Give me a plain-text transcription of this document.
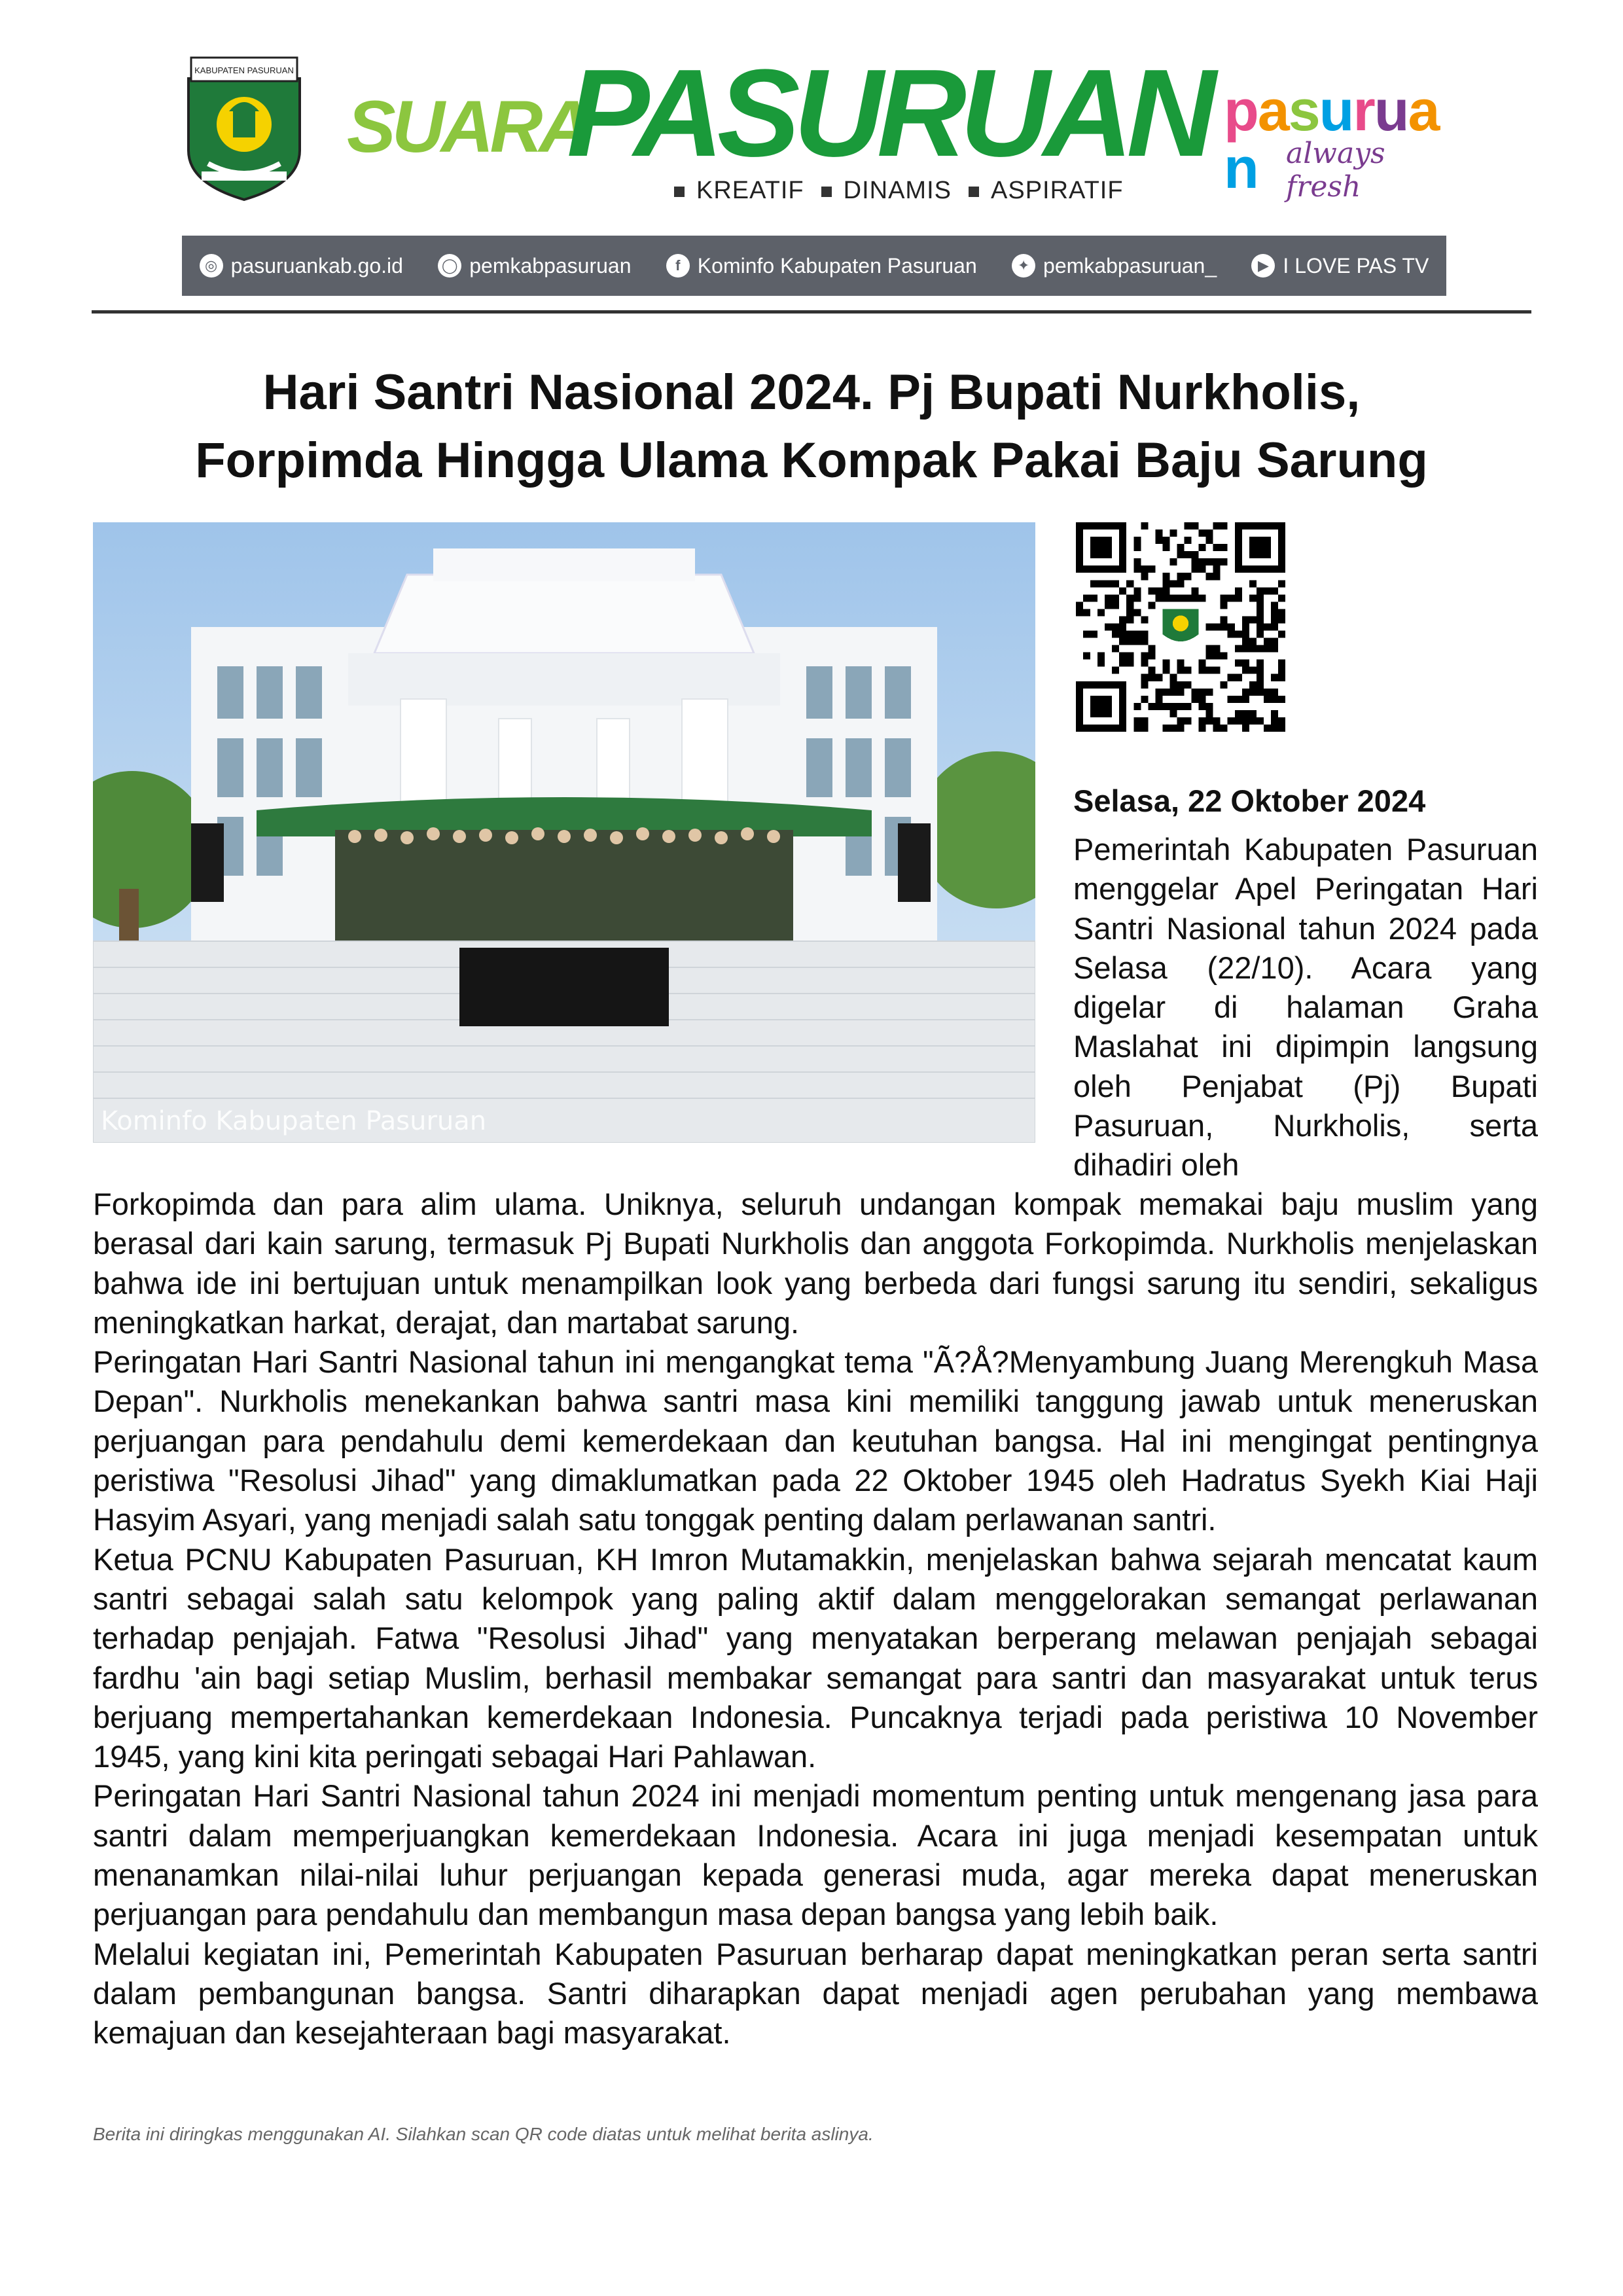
KABUPATEN PASURUAN
SUARA
PASURUAN
KREATIF	DINAMIS	ASPIRATIF
pasuruan always fresh
◎ pasuruankab.go.id	◯ pemkabpasuruan	f Kominfo Kabupaten Pasuruan	✦ pemkabpasuruan_	▶ I LOVE PAS TV
Hari Santri Nasional 2024. Pj Bupati Nurkholis,
Forpimda Hingga Ulama Kompak Pakai Baju Sarung
Kominfo Kabupaten Pasuruan
Selasa, 22 Oktober 2024

Pemerintah Kabupaten Pasuruan menggelar Apel Peringatan Hari Santri Nasional tahun 2024 pada Selasa (22/10). Acara yang digelar di halaman Graha Maslahat ini dipimpin langsung oleh Penjabat (Pj) Bupati Pasuruan, Nurkholis, serta dihadiri oleh

Forkopimda dan para alim ulama. Uniknya, seluruh undangan kompak memakai baju muslim yang berasal dari kain sarung, termasuk Pj Bupati Nurkholis dan anggota Forkopimda. Nurkholis menjelaskan bahwa ide ini bertujuan untuk menampilkan look yang berbeda dari fungsi sarung itu sendiri, sekaligus meningkatkan harkat, derajat, dan martabat sarung.

Peringatan Hari Santri Nasional tahun ini mengangkat tema "Ã?Å?Menyambung Juang Merengkuh Masa Depan". Nurkholis menekankan bahwa santri masa kini memiliki tanggung jawab untuk meneruskan perjuangan para pendahulu demi kemerdekaan dan keutuhan bangsa. Hal ini mengingat pentingnya peristiwa "Resolusi Jihad" yang dimaklumatkan pada 22 Oktober 1945 oleh Hadratus Syekh Kiai Haji Hasyim Asyari, yang menjadi salah satu tonggak penting dalam perlawanan santri.

Ketua PCNU Kabupaten Pasuruan, KH Imron Mutamakkin, menjelaskan bahwa sejarah mencatat kaum santri sebagai salah satu kelompok yang paling aktif dalam menggelorakan semangat perlawanan terhadap penjajah. Fatwa "Resolusi Jihad" yang menyatakan berperang melawan penjajah sebagai fardhu 'ain bagi setiap Muslim, berhasil membakar semangat para santri dan masyarakat untuk terus berjuang mempertahankan kemerdekaan Indonesia. Puncaknya terjadi pada peristiwa 10 November 1945, yang kini kita peringati sebagai Hari Pahlawan.

Peringatan Hari Santri Nasional tahun 2024 ini menjadi momentum penting untuk mengenang jasa para santri dalam memperjuangkan kemerdekaan Indonesia. Acara ini juga menjadi kesempatan untuk menanamkan nilai-nilai luhur perjuangan kepada generasi muda, agar mereka dapat meneruskan perjuangan para pendahulu dan membangun masa depan bangsa yang lebih baik.

Melalui kegiatan ini, Pemerintah Kabupaten Pasuruan berharap dapat meningkatkan peran serta santri dalam pembangunan bangsa. Santri diharapkan dapat menjadi agen perubahan yang membawa kemajuan dan kesejahteraan bagi masyarakat.

Berita ini diringkas menggunakan AI. Silahkan scan QR code diatas untuk melihat berita aslinya.
